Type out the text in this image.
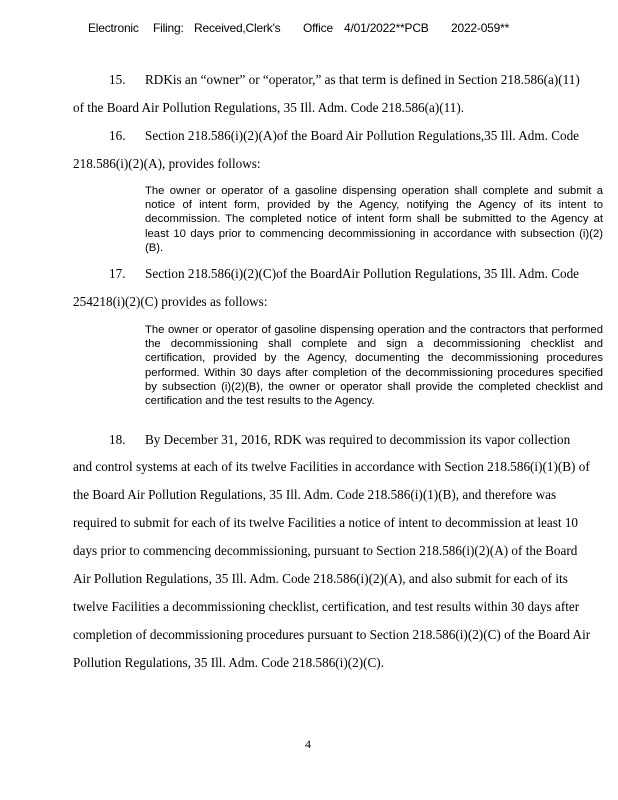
Electronic

Filing:

Received,Clerk's

Office

4/01/2022**PCB

2022-059**

15. RDKis an “owner” or “operator,” as that term is defined in Section 218.586(a)(11)
of the Board Air Pollution Regulations, 35 Ill. Adm. Code 218.586(a)(11).
16. Section 218.586(i)(2)(A)of the Board Air Pollution Regulations,35 Ill. Adm. Code
218.586(i)(2)(A), provides follows:
The owner or operator of a gasoline dispensing operation shall complete and submit a notice of intent form, provided by the Agency, notifying the Agency of its intent to decommission. The completed notice of intent form shall be submitted to the Agency at least 10 days prior to commencing decommissioning in accordance with subsection (i)(2)(B).
17. Section 218.586(i)(2)(C)of the BoardAir Pollution Regulations, 35 Ill. Adm. Code
254218(i)(2)(C) provides as follows:
The owner or operator of gasoline dispensing operation and the contractors that performed the decommissioning shall complete and sign a decommissioning checklist and certification, provided by the Agency, documenting the decommissioning procedures performed. Within 30 days after completion of the decommissioning procedures specified by subsection (i)(2)(B), the owner or operator shall provide the completed checklist and certification and the test results to the Agency.
18. By December 31, 2016, RDK was required to decommission its vapor collection
and control systems at each of its twelve Facilities in accordance with Section 218.586(i)(1)(B) of
the Board Air Pollution Regulations, 35 Ill. Adm. Code 218.586(i)(1)(B), and therefore was
required to submit for each of its twelve Facilities a notice of intent to decommission at least 10
days prior to commencing decommissioning, pursuant to Section 218.586(i)(2)(A) of the Board
Air Pollution Regulations, 35 Ill. Adm. Code 218.586(i)(2)(A), and also submit for each of its
twelve Facilities a decommissioning checklist, certification, and test results within 30 days after
completion of decommissioning procedures pursuant to Section 218.586(i)(2)(C) of the Board Air
Pollution Regulations, 35 Ill. Adm. Code 218.586(i)(2)(C).
4
